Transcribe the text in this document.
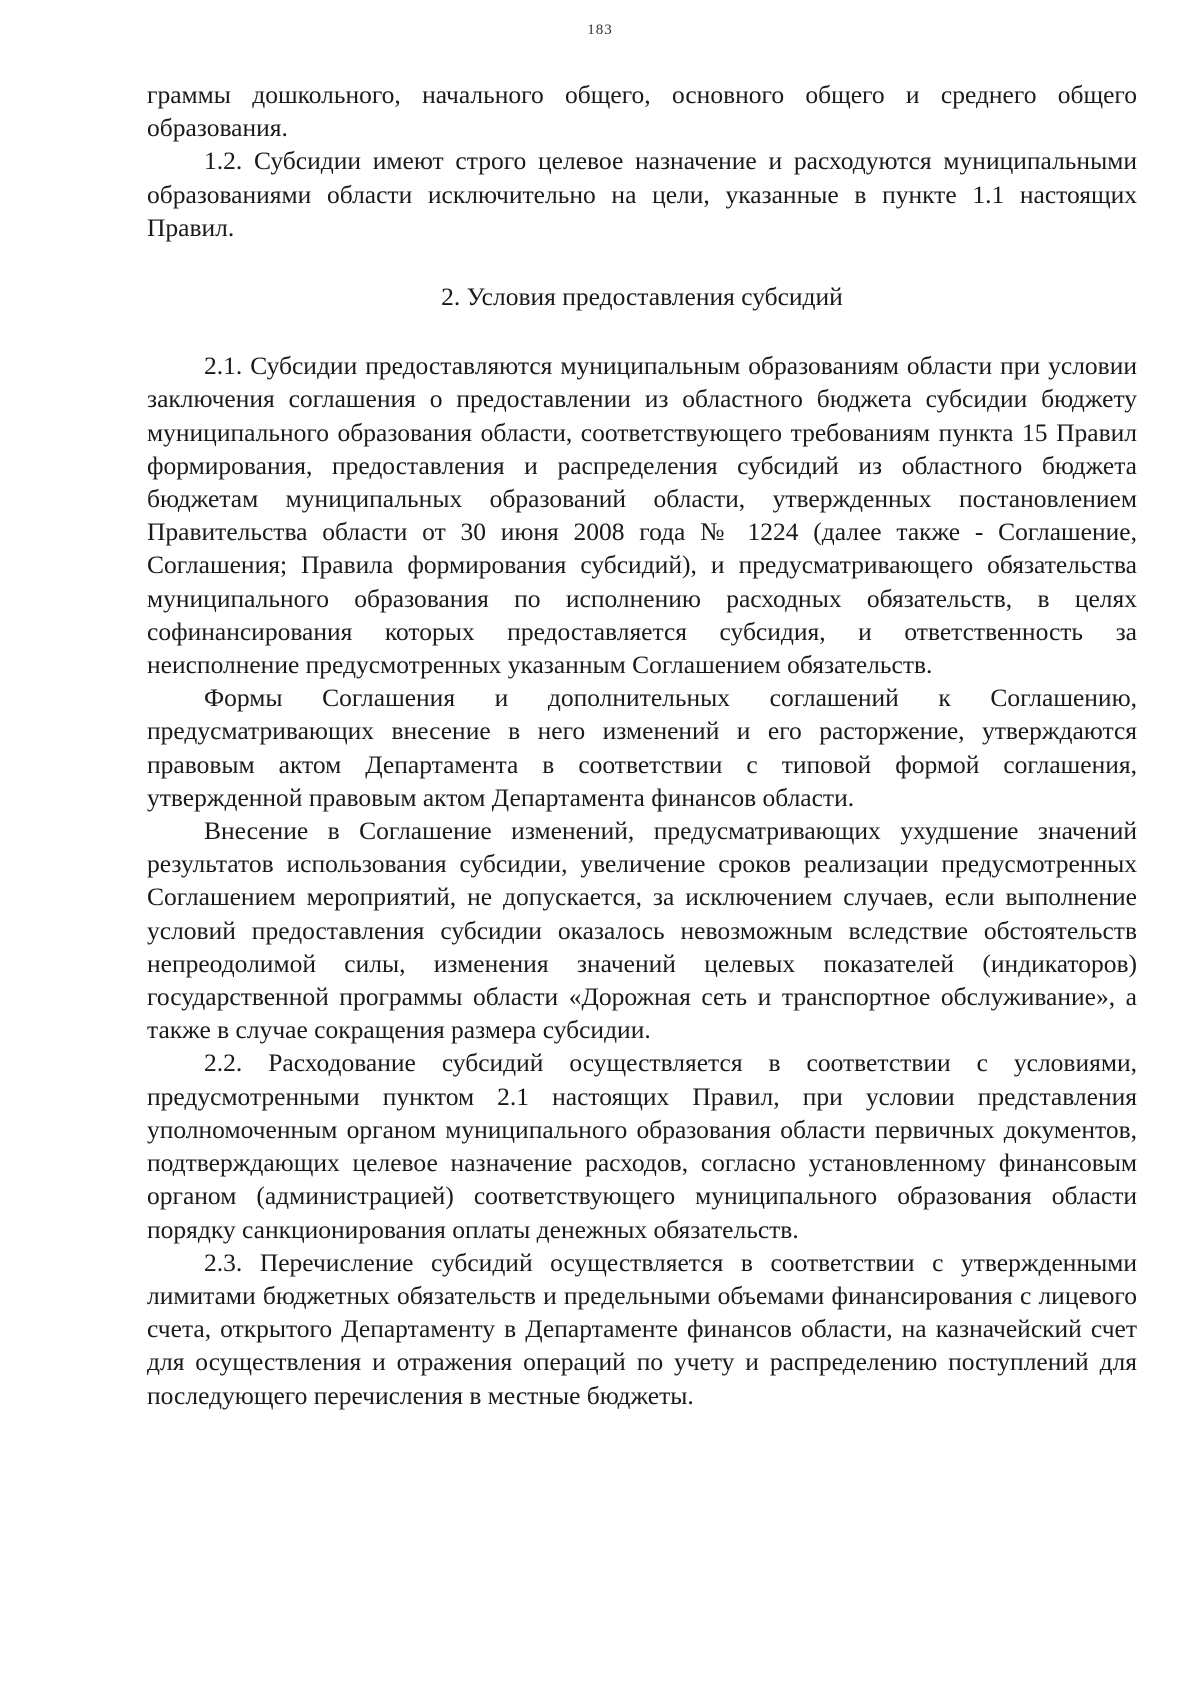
183

граммы дошкольного, начального общего, основного общего и среднего общего образования.

1.2. Субсидии имеют строго целевое назначение и расходуются муниципальными образованиями области исключительно на цели, указанные в пункте 1.1 настоящих Правил.

2. Условия предоставления субсидий

2.1. Субсидии предоставляются муниципальным образованиям области при условии заключения соглашения о предоставлении из областного бюджета субсидии бюджету муниципального образования области, соответствующего требованиям пункта 15 Правил формирования, предоставления и распределения субсидий из областного бюджета бюджетам муниципальных образований области, утвержденных постановлением Правительства области от 30 июня 2008 года № 1224 (далее также - Соглашение, Соглашения; Правила формирования субсидий), и предусматривающего обязательства муниципального образования по исполнению расходных обязательств, в целях софинансирования которых предоставляется субсидия, и ответственность за неисполнение предусмотренных указанным Соглашением обязательств.

Формы Соглашения и дополнительных соглашений к Соглашению, предусматривающих внесение в него изменений и его расторжение, утверждаются правовым актом Департамента в соответствии с типовой формой соглашения, утвержденной правовым актом Департамента финансов области.

Внесение в Соглашение изменений, предусматривающих ухудшение значений результатов использования субсидии, увеличение сроков реализации предусмотренных Соглашением мероприятий, не допускается, за исключением случаев, если выполнение условий предоставления субсидии оказалось невозможным вследствие обстоятельств непреодолимой силы, изменения значений целевых показателей (индикаторов) государственной программы области «Дорожная сеть и транспортное обслуживание», а также в случае сокращения размера субсидии.

2.2. Расходование субсидий осуществляется в соответствии с условиями, предусмотренными пунктом 2.1 настоящих Правил, при условии представления уполномоченным органом муниципального образования области первичных документов, подтверждающих целевое назначение расходов, согласно установленному финансовым органом (администрацией) соответствующего муниципального образования области порядку санкционирования оплаты денежных обязательств.

2.3. Перечисление субсидий осуществляется в соответствии с утвержденными лимитами бюджетных обязательств и предельными объемами финансирования с лицевого счета, открытого Департаменту в Департаменте финансов области, на казначейский счет для осуществления и отражения операций по учету и распределению поступлений для последующего перечисления в местные бюджеты.
